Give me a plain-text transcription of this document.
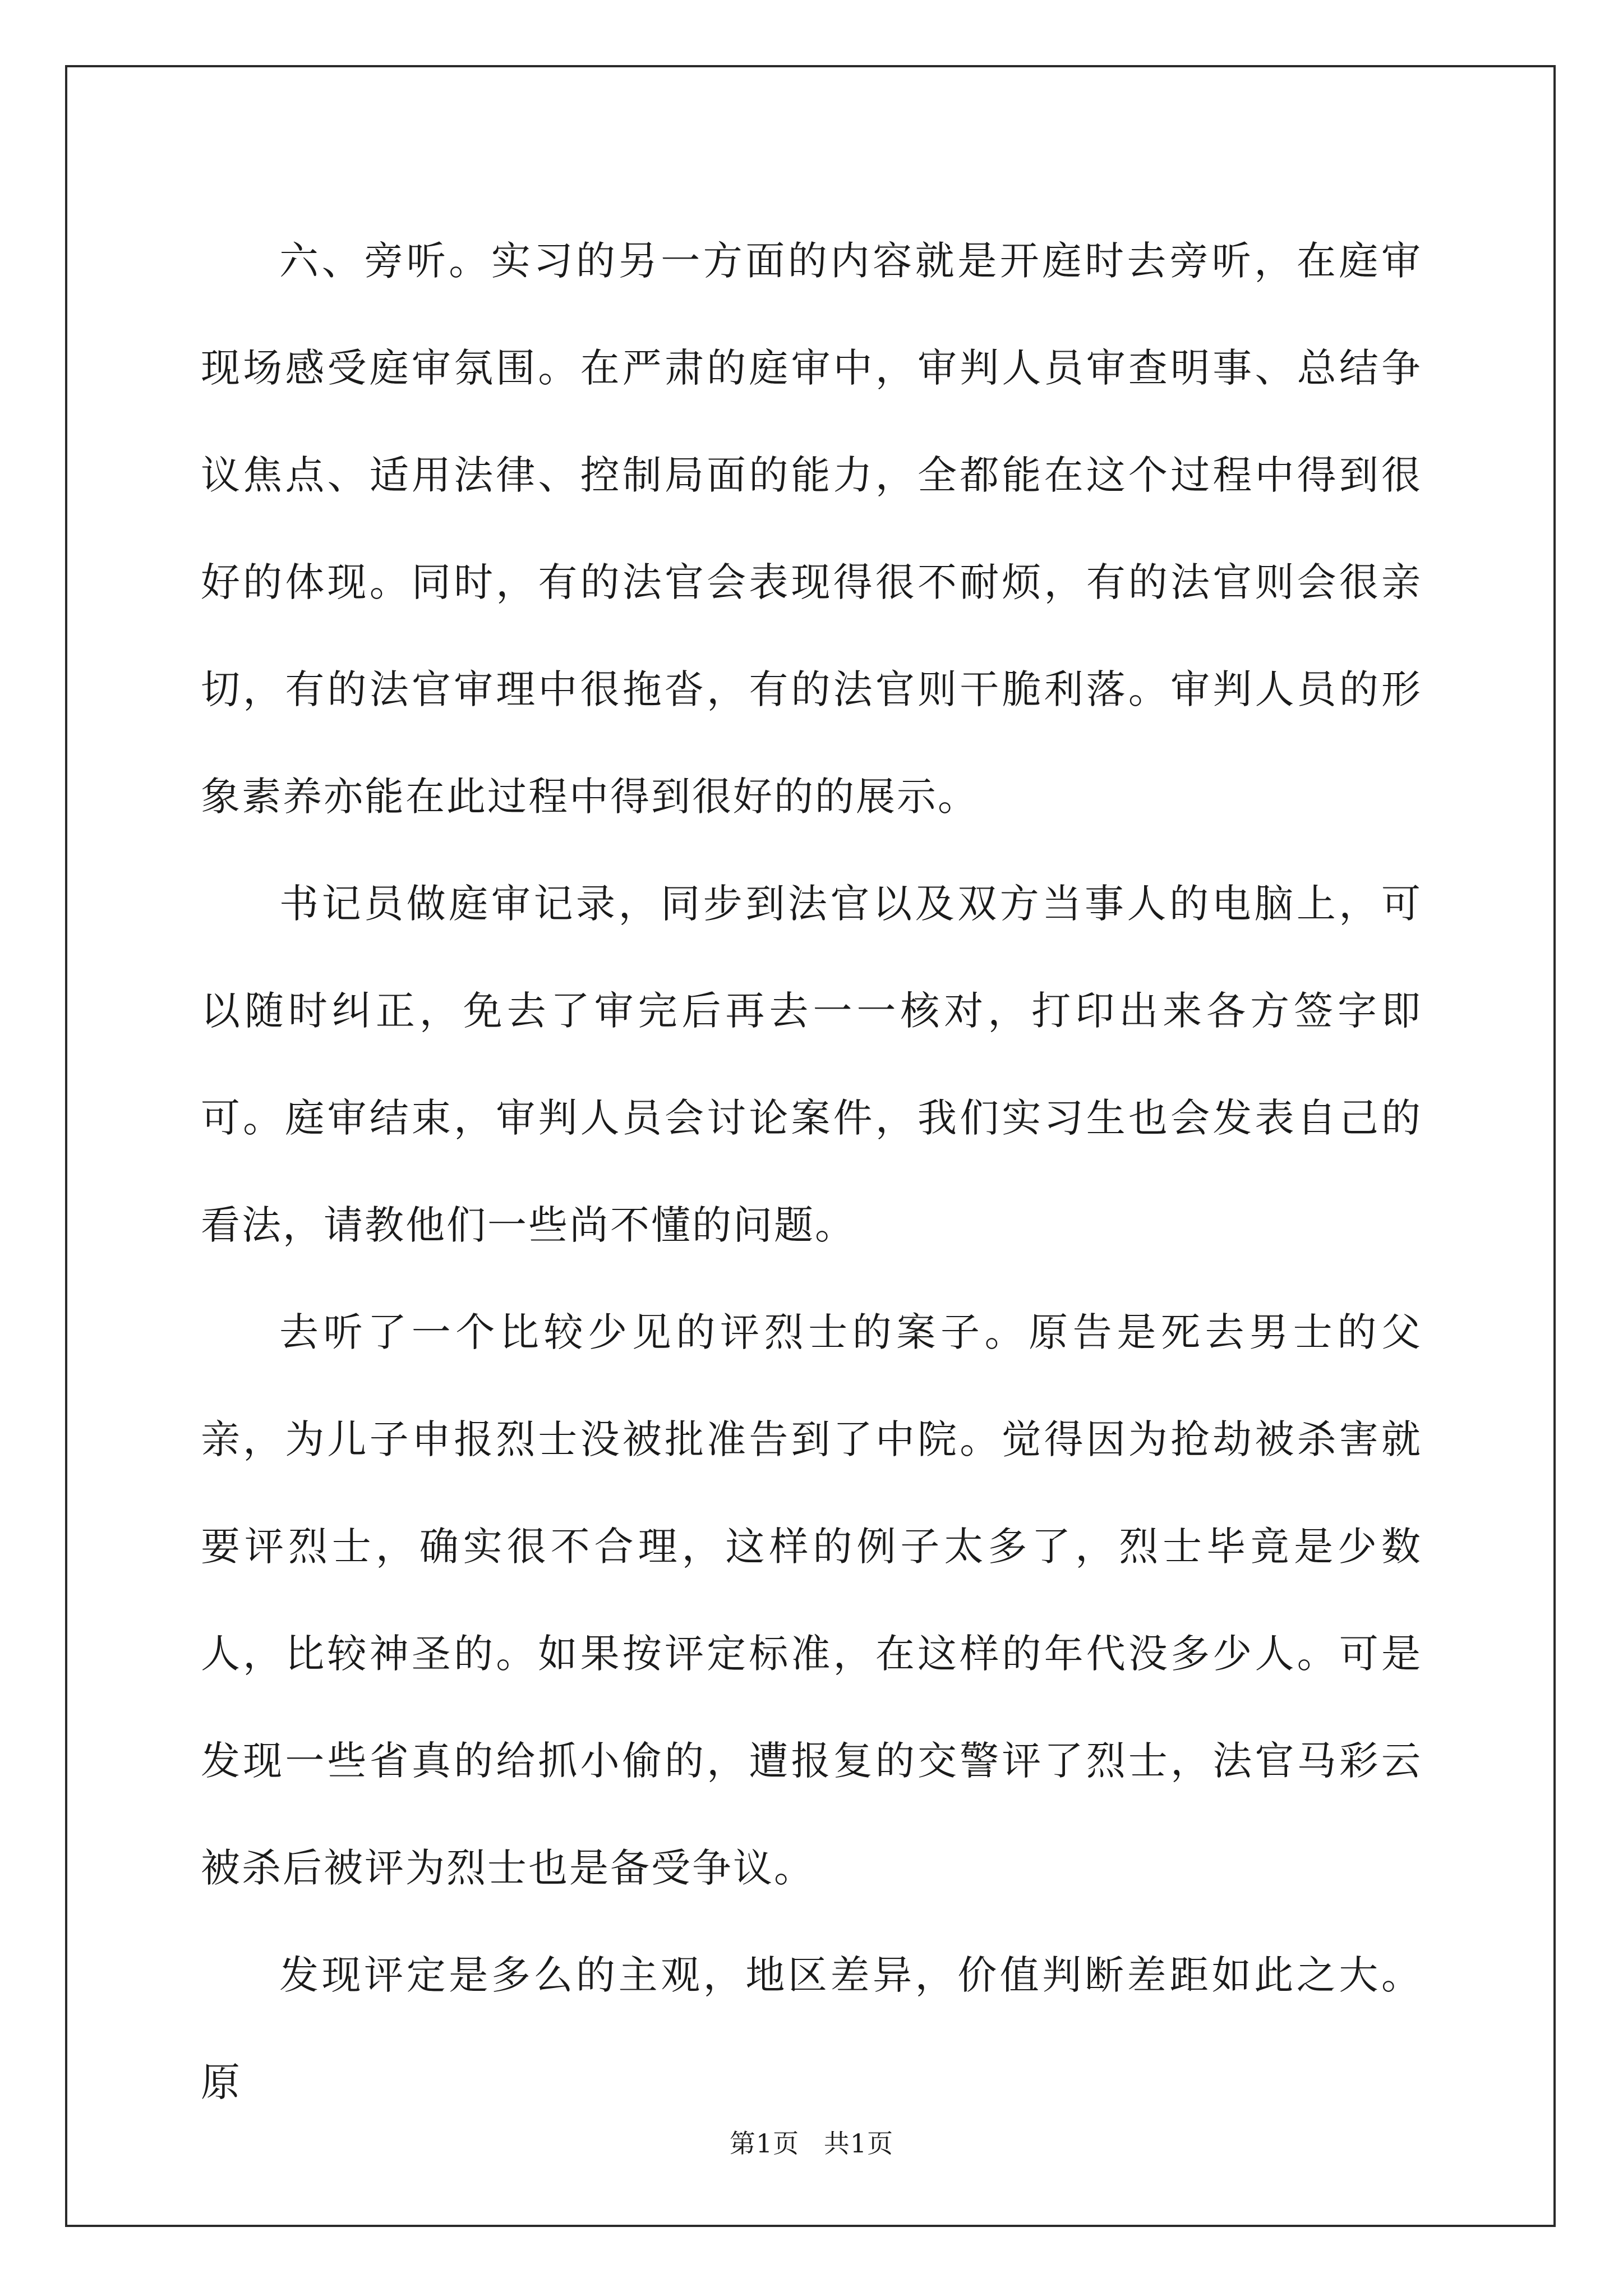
六、旁听。实习的另一方面的内容就是开庭时去旁听，在庭审现场感受庭审氛围。在严肃的庭审中，审判人员审查明事、总结争议焦点、适用法律、控制局面的能力，全都能在这个过程中得到很好的体现。同时，有的法官会表现得很不耐烦，有的法官则会很亲切，有的法官审理中很拖沓，有的法官则干脆利落。审判人员的形象素养亦能在此过程中得到很好的的展示。

书记员做庭审记录，同步到法官以及双方当事人的电脑上，可以随时纠正，免去了审完后再去一一核对，打印出来各方签字即可。庭审结束，审判人员会讨论案件，我们实习生也会发表自己的看法，请教他们一些尚不懂的问题。

去听了一个比较少见的评烈士的案子。原告是死去男士的父亲，为儿子申报烈士没被批准告到了中院。觉得因为抢劫被杀害就要评烈士，确实很不合理，这样的例子太多了，烈士毕竟是少数人，比较神圣的。如果按评定标准，在这样的年代没多少人。可是发现一些省真的给抓小偷的，遭报复的交警评了烈士，法官马彩云被杀后被评为烈士也是备受争议。

发现评定是多么的主观，地区差异，价值判断差距如此之大。原

第1页 共1页
